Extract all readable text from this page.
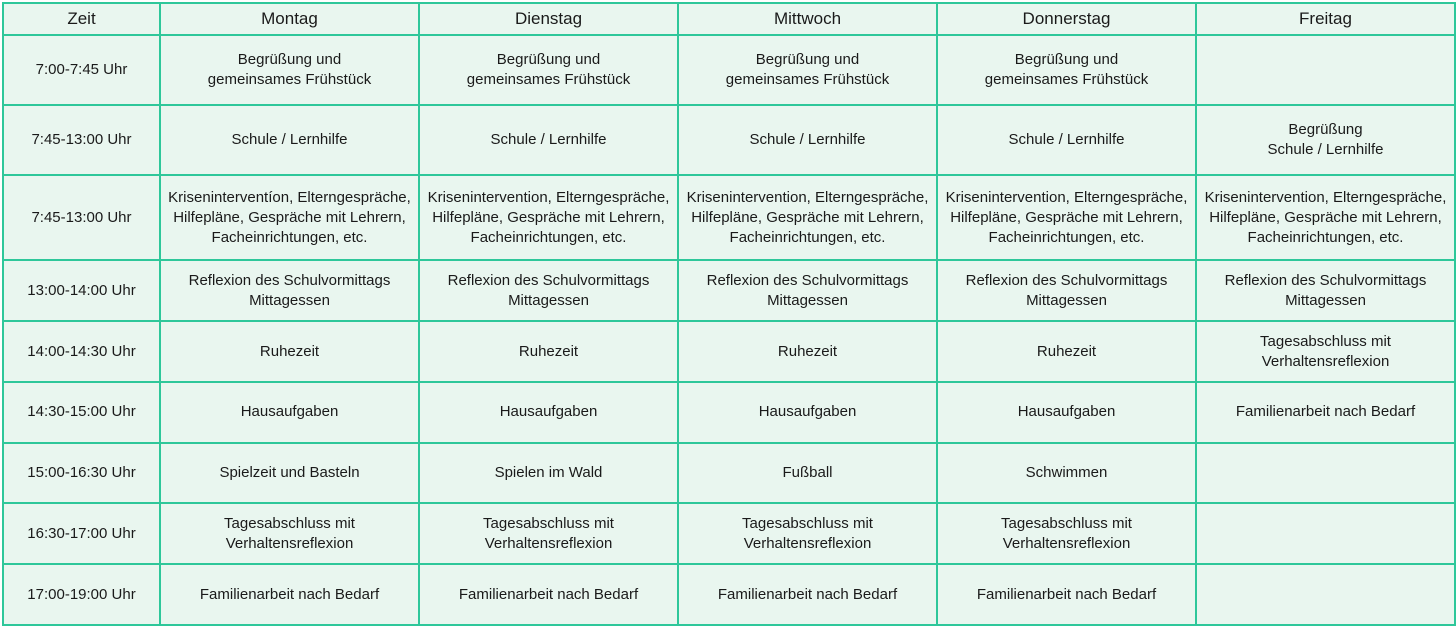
Zeit	Montag	Dienstag	Mittwoch	Donnerstag	Freitag
7:00-7:45 Uhr	Begrüßung und
gemeinsames Frühstück	Begrüßung und
gemeinsames Frühstück	Begrüßung und
gemeinsames Frühstück	Begrüßung und
gemeinsames Frühstück	

7:45-13:00 Uhr	Schule / Lernhilfe	Schule / Lernhilfe	Schule / Lernhilfe	Schule / Lernhilfe	Begrüßung
Schule / Lernhilfe

7:45-13:00 Uhr	Kriseninterventíon, Elterngespräche,
Hilfepläne, Gespräche mit Lehrern,
Facheinrichtungen, etc.	Krisenintervention, Elterngespräche,
Hilfepläne, Gespräche mit Lehrern,
Facheinrichtungen, etc.	Krisenintervention, Elterngespräche,
Hilfepläne, Gespräche mit Lehrern,
Facheinrichtungen, etc.	Krisenintervention, Elterngespräche,
Hilfepläne, Gespräche mit Lehrern,
Facheinrichtungen, etc.	Krisenintervention, Elterngespräche,
Hilfepläne, Gespräche mit Lehrern,
Facheinrichtungen, etc.

13:00-14:00 Uhr	Reflexion des Schulvormittags
Mittagessen	Reflexion des Schulvormittags
Mittagessen	Reflexion des Schulvormittags
Mittagessen	Reflexion des Schulvormittags
Mittagessen	Reflexion des Schulvormittags
Mittagessen

14:00-14:30 Uhr	Ruhezeit	Ruhezeit	Ruhezeit	Ruhezeit	Tagesabschluss mit
Verhaltensreflexion

14:30-15:00 Uhr	Hausaufgaben	Hausaufgaben	Hausaufgaben	Hausaufgaben	Familienarbeit nach Bedarf

15:00-16:30 Uhr	Spielzeit und Basteln	Spielen im Wald	Fußball	Schwimmen	

16:30-17:00 Uhr	Tagesabschluss mit
Verhaltensreflexion	Tagesabschluss mit
Verhaltensreflexion	Tagesabschluss mit
Verhaltensreflexion	Tagesabschluss mit
Verhaltensreflexion	

17:00-19:00 Uhr	Familienarbeit nach Bedarf	Familienarbeit nach Bedarf	Familienarbeit nach Bedarf	Familienarbeit nach Bedarf	
